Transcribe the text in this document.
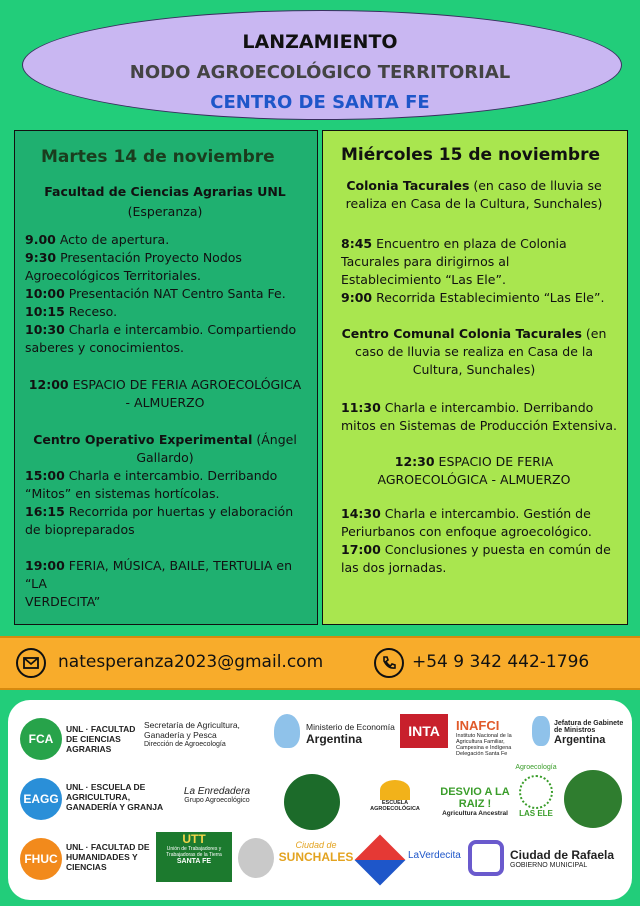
LANZAMIENTO
NODO AGROECOLÓGICO TERRITORIAL
CENTRO DE SANTA FE
Martes 14 de noviembre
Facultad de Ciencias Agrarias UNL
(Esperanza)
9.00 Acto de apertura.
9:30 Presentación Proyecto Nodos
Agroecológicos Territoriales.
10:00 Presentación NAT Centro Santa Fe.
10:15 Receso.
10:30 Charla e intercambio. Compartiendo
saberes y conocimientos.
12:00 ESPACIO DE FERIA AGROECOLÓGICA
- ALMUERZO
Centro Operativo Experimental (Ángel
Gallardo)
15:00 Charla e intercambio. Derribando
“Mitos” en sistemas hortícolas.
16:15 Recorrida por huertas y elaboración
de biopreparados
19:00 FERIA, MÚSICA, BAILE, TERTULIA en “LA
VERDECITA”
Miércoles 15 de noviembre
Colonia Tacurales (en caso de lluvia se
realiza en Casa de la Cultura, Sunchales)
8:45 Encuentro en plaza de Colonia
Tacurales para dirigirnos al
Establecimiento “Las Ele”.
9:00 Recorrida Establecimiento “Las Ele”.
Centro Comunal Colonia Tacurales (en
caso de lluvia se realiza en Casa de la
Cultura, Sunchales)
11:30 Charla e intercambio. Derribando
mitos en Sistemas de Producción Extensiva.
12:30 ESPACIO DE FERIA
AGROECOLÓGICA - ALMUERZO
14:30 Charla e intercambio. Gestión de
Periurbanos con enfoque agroecológico.
17:00 Conclusiones y puesta en común de
las dos jornadas.
natesperanza2023@gmail.com	+54 9 342 442-1796
FCA
UNL · FACULTAD DE CIENCIAS AGRARIAS
Secretaría de Agricultura, Ganadería y Pesca
Dirección de Agroecología
Ministerio de Economía
Argentina	INTA	INAFCI
Instituto Nacional de la Agricultura Familiar, Campesina e Indígena Delegación Santa Fe
Jefatura de Gabinete de Ministros
Argentina
EAGG
UNL · ESCUELA DE AGRICULTURA, GANADERÍA Y GRANJA
La Enredadera
Grupo Agroecológico	ESCUELA AGROECOLÓGICA
DESVIO A LA RAIZ !
Agricultura Ancestral
Agroecología
LAS ELE
FHUC
UNL · FACULTAD DE HUMANIDADES Y CIENCIAS
UTT
Unión de Trabajadores y Trabajadoras de la Tierra
SANTA FE
Ciudad de
SUNCHALES	LaVerdecita	Ciudad de Rafaela
GOBIERNO MUNICIPAL
